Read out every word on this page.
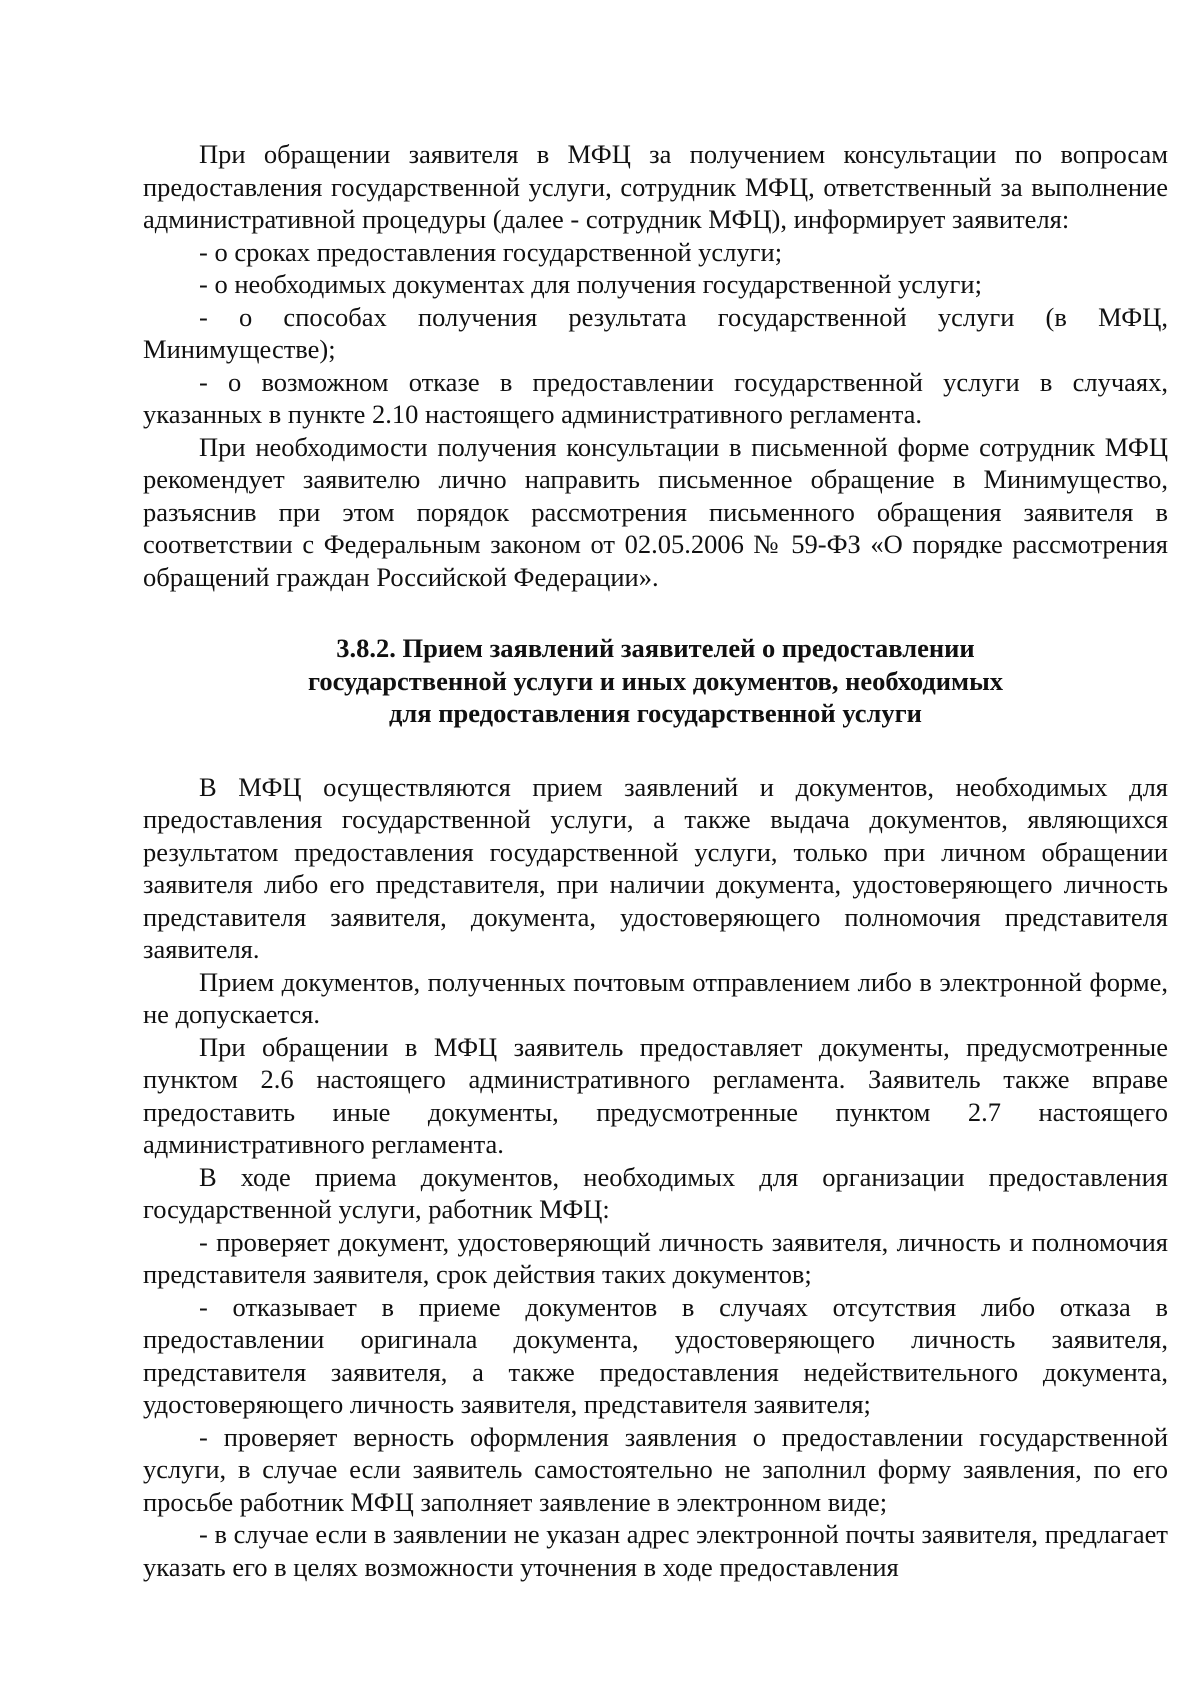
При обращении заявителя в МФЦ за получением консультации по вопросам предоставления государственной услуги, сотрудник МФЦ, ответственный за выполнение административной процедуры (далее - сотрудник МФЦ), информирует заявителя:

- о сроках предоставления государственной услуги;

- о необходимых документах для получения государственной услуги;

- о способах получения результата государственной услуги (в МФЦ, Минимуществе);

- о возможном отказе в предоставлении государственной услуги в случаях, указанных в пункте 2.10 настоящего административного регламента.

При необходимости получения консультации в письменной форме сотрудник МФЦ рекомендует заявителю лично направить письменное обращение в Минимущество, разъяснив при этом порядок рассмотрения письменного обращения заявителя в соответствии с Федеральным законом от 02.05.2006 № 59-ФЗ «О порядке рассмотрения обращений граждан Российской Федерации».

3.8.2. Прием заявлений заявителей о предоставлении
государственной услуги и иных документов, необходимых
для предоставления государственной услуги

В МФЦ осуществляются прием заявлений и документов, необходимых для предоставления государственной услуги, а также выдача документов, являющихся результатом предоставления государственной услуги, только при личном обращении заявителя либо его представителя, при наличии документа, удостоверяющего личность представителя заявителя, документа, удостоверяющего полномочия представителя заявителя.

Прием документов, полученных почтовым отправлением либо в электронной форме, не допускается.

При обращении в МФЦ заявитель предоставляет документы, предусмотренные пунктом 2.6 настоящего административного регламента. Заявитель также вправе предоставить иные документы, предусмотренные пунктом 2.7 настоящего административного регламента.

В ходе приема документов, необходимых для организации предоставления государственной услуги, работник МФЦ:

- проверяет документ, удостоверяющий личность заявителя, личность и полномочия представителя заявителя, срок действия таких документов;

- отказывает в приеме документов в случаях отсутствия либо отказа в предоставлении оригинала документа, удостоверяющего личность заявителя, представителя заявителя, а также предоставления недействительного документа, удостоверяющего личность заявителя, представителя заявителя;

- проверяет верность оформления заявления о предоставлении государственной услуги, в случае если заявитель самостоятельно не заполнил форму заявления, по его просьбе работник МФЦ заполняет заявление в электронном виде;

- в случае если в заявлении не указан адрес электронной почты заявителя, предлагает указать его в целях возможности уточнения в ходе предоставления
